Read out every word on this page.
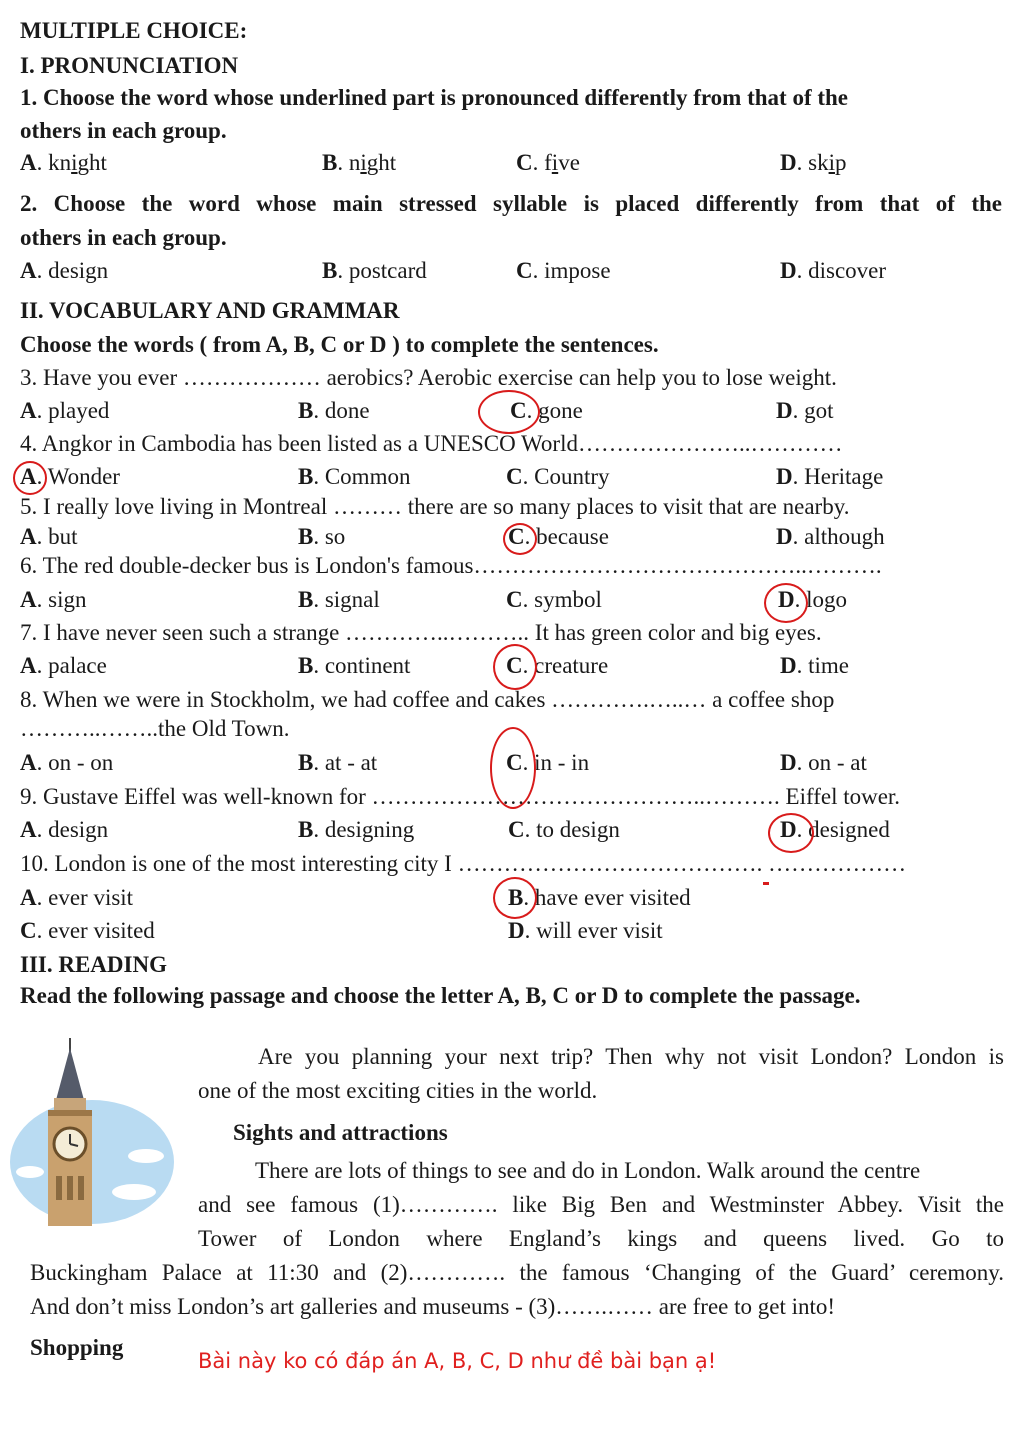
MULTIPLE CHOICE:
I. PRONUNCIATION
1. Choose the word whose underlined part is pronounced differently from that of the
others in each group.
A. knight	B. night	C. five	D. skip
2. Choose the word whose main stressed syllable is placed differently from that of the
others in each group.
A. design	B. postcard	C. impose	D. discover
II. VOCABULARY AND GRAMMAR
Choose the words ( from A, B, C or D ) to complete the sentences.
3. Have you ever ……………… aerobics? Aerobic exercise can help you to lose weight.
A. played	B. done	C. gone	D. got
4. Angkor in Cambodia has been listed as a UNESCO World…………………..…………
A. Wonder	B. Common	C. Country	D. Heritage
5. I really love living in Montreal ……… there are so many places to visit that are nearby.
A. but	B. so	C. because	D. although
6. The red double-decker bus is London's famous……………………………………..……….
A. sign	B. signal	C. symbol	D. logo
7. I have never seen such a strange …………..……….. It has green color and big eyes.
A. palace	B. continent	C. creature	D. time
8. When we were in Stockholm, we had coffee and cakes ………….…..… a coffee shop
………..……..the Old Town.
A. on - on	B. at - at	C. in - in	D. on - at
9. Gustave Eiffel was well-known for ……………………………………..………. Eiffel tower.
A. design	B. designing	C. to design	D. designed
10. London is one of the most interesting city I …………………………………. ………………
A. ever visit	B. have ever visited
C. ever visited	D. will ever visit
III. READING
Read the following passage and choose the letter A, B, C or D to complete the passage.
Are you planning your next trip? Then why not visit London? London is
one of the most exciting cities in the world.
Sights and attractions
There are lots of things to see and do in London. Walk around the centre
and see famous (1)…………. like Big Ben and Westminster Abbey. Visit the
Tower of London where England’s kings and queens lived. Go to
Buckingham Palace at 11:30 and (2)…………. the famous ‘Changing of the Guard’ ceremony.
And don’t miss London’s art galleries and museums - (3)…….…… are free to get into!
Shopping
Bài này ko có đáp án A, B, C, D như đề bài bạn ạ!
